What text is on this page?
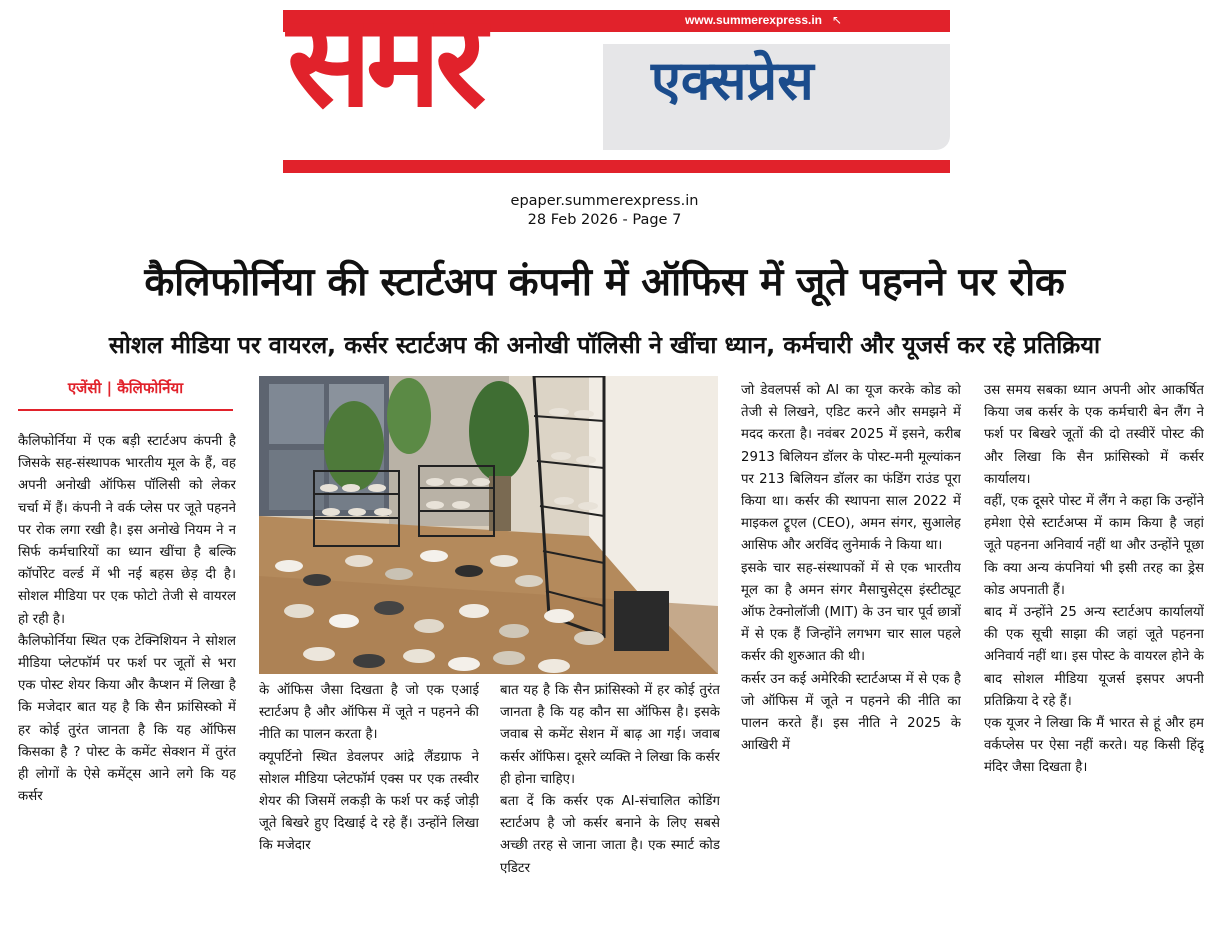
www.summerexpress.in ↖
समर	एक्सप्रेस
epaper.summerexpress.in
28 Feb 2026 - Page 7
कैलिफोर्निया की स्टार्टअप कंपनी में ऑफिस में जूते पहनने पर रोक
सोशल मीडिया पर वायरल, कर्सर स्टार्टअप की अनोखी पॉलिसी ने खींचा ध्यान, कर्मचारी और यूजर्स कर रहे प्रतिक्रिया
एजेंसी | कैलिफोर्निया

कैलिफोर्निया में एक बड़ी स्टार्टअप कंपनी है जिसके सह-संस्थापक भारतीय मूल के हैं, वह अपनी अनोखी ऑफिस पॉलिसी को लेकर चर्चा में हैं। कंपनी ने वर्क प्लेस पर जूते पहनने पर रोक लगा रखी है। इस अनोखे नियम ने न सिर्फ कर्मचारियों का ध्यान खींचा है बल्कि कॉर्पोरेट वर्ल्ड में भी नई बहस छेड़ दी है। सोशल मीडिया पर एक फोटो तेजी से वायरल हो रही है।

कैलिफोर्निया स्थित एक टेक्निशियन ने सोशल मीडिया प्लेटफॉर्म पर फर्श पर जूतों से भरा एक पोस्ट शेयर किया और कैप्शन में लिखा है कि मजेदार बात यह है कि सैन फ्रांसिस्को में हर कोई तुरंत जानता है कि यह ऑफिस किसका है ? पोस्ट के कमेंट सेक्शन में तुरंत ही लोगों के ऐसे कमेंट्स आने लगे कि यह कर्सर

के ऑफिस जैसा दिखता है जो एक एआई स्टार्टअप है और ऑफिस में जूते न पहनने की नीति का पालन करता है।

क्यूपर्टिनो स्थित डेवलपर आंद्रे लैंडग्राफ ने सोशल मीडिया प्लेटफॉर्म एक्स पर एक तस्वीर शेयर की जिसमें लकड़ी के फर्श पर कई जोड़ी जूते बिखरे हुए दिखाई दे रहे हैं। उन्होंने लिखा कि मजेदार

बात यह है कि सैन फ्रांसिस्को में हर कोई तुरंत जानता है कि यह कौन सा ऑफिस है। इसके जवाब से कमेंट सेशन में बाढ़ आ गई। जवाब कर्सर ऑफिस। दूसरे व्यक्ति ने लिखा कि कर्सर ही होना चाहिए।

बता दें कि कर्सर एक AI-संचालित कोडिंग स्टार्टअप है जो कर्सर बनाने के लिए सबसे अच्छी तरह से जाना जाता है। एक स्मार्ट कोड एडिटर

जो डेवलपर्स को AI का यूज करके कोड को तेजी से लिखने, एडिट करने और समझने में मदद करता है। नवंबर 2025 में इसने, करीब 2913 बिलियन डॉलर के पोस्ट-मनी मूल्यांकन पर 213 बिलियन डॉलर का फंडिंग राउंड पूरा किया था। कर्सर की स्थापना साल 2022 में माइकल ट्रूएल (CEO), अमन संगर, सुआलेह आसिफ और अरविंद लुनेमार्क ने किया था।

इसके चार सह-संस्थापकों में से एक भारतीय मूल का है अमन संगर मैसाचुसेट्स इंस्टीट्यूट ऑफ टेक्नोलॉजी (MIT) के उन चार पूर्व छात्रों में से एक हैं जिन्होंने लगभग चार साल पहले कर्सर की शुरुआत की थी।

कर्सर उन कई अमेरिकी स्टार्टअप्स में से एक है जो ऑफिस में जूते न पहनने की नीति का पालन करते हैं। इस नीति ने 2025 के आखिरी में

उस समय सबका ध्यान अपनी ओर आकर्षित किया जब कर्सर के एक कर्मचारी बेन लैंग ने फर्श पर बिखरे जूतों की दो तस्वीरें पोस्ट की और लिखा कि सैन फ्रांसिस्को में कर्सर कार्यालय।

वहीं, एक दूसरे पोस्ट में लैंग ने कहा कि उन्होंने हमेशा ऐसे स्टार्टअप्स में काम किया है जहां जूते पहनना अनिवार्य नहीं था और उन्होंने पूछा कि क्या अन्य कंपनियां भी इसी तरह का ड्रेस कोड अपनाती हैं।

बाद में उन्होंने 25 अन्य स्टार्टअप कार्यालयों की एक सूची साझा की जहां जूते पहनना अनिवार्य नहीं था। इस पोस्ट के वायरल होने के बाद सोशल मीडिया यूजर्स इसपर अपनी प्रतिक्रिया दे रहे हैं।

एक यूजर ने लिखा कि मैं भारत से हूं और हम वर्कप्लेस पर ऐसा नहीं करते। यह किसी हिंदू मंदिर जैसा दिखता है।
